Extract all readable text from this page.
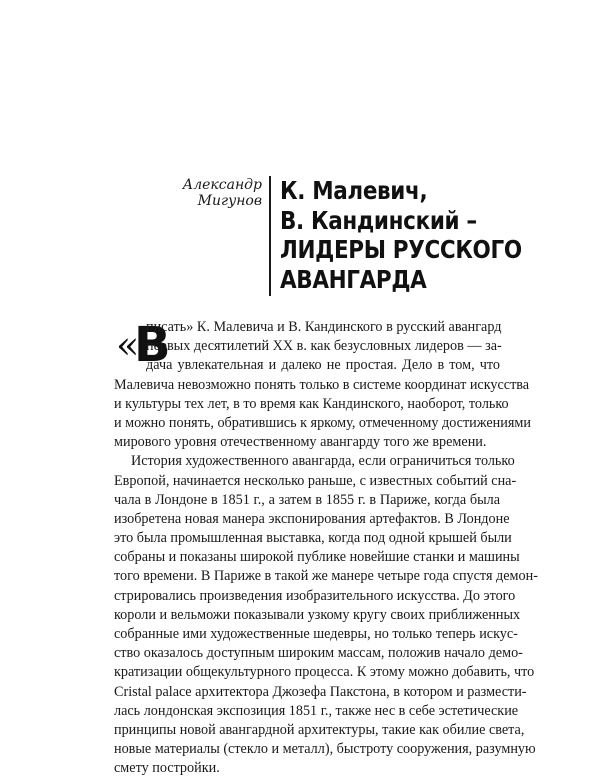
Александр
Мигунов К. Малевич,
В. Кандинский –
ЛИДЕРЫ РУССКОГО
АВАНГАРДА
«
В
писать» К. Малевича и В. Кандинского в русский авангард
первых десятилетий XX в. как безусловных лидеров — за-
дача увлекательная и далеко не простая. Дело в том, что
Малевича невозможно понять только в системе координат искусства
и культуры тех лет, в то время как Кандинского, наоборот, только
и можно понять, обратившись к яркому, отмеченному достижениями
мирового уровня отечественному авангарду того же времени.
История художественного авангарда, если ограничиться только
Европой, начинается несколько раньше, с известных событий сна-
чала в Лондоне в 1851 г., а затем в 1855 г. в Париже, когда была
изобретена новая манера экспонирования артефактов. В Лондоне
это была промышленная выставка, когда под одной крышей были
собраны и показаны широкой публике новейшие станки и машины
того времени. В Париже в такой же манере четыре года спустя демон-
стрировались произведения изобразительного искусства. До этого
короли и вельможи показывали узкому кругу своих приближенных
собранные ими художественные шедевры, но только теперь искус-
ство оказалось доступным широким массам, положив начало демо-
кратизации общекультурного процесса. К этому можно добавить, что
Cristal palace архитектора Джозефа Пакстона, в котором и размести-
лась лондонская экспозиция 1851 г., также нес в себе эстетические
принципы новой авангардной архитектуры, такие как обилие света,
новые материалы (стекло и металл), быстроту сооружения, разумную
смету постройки.
